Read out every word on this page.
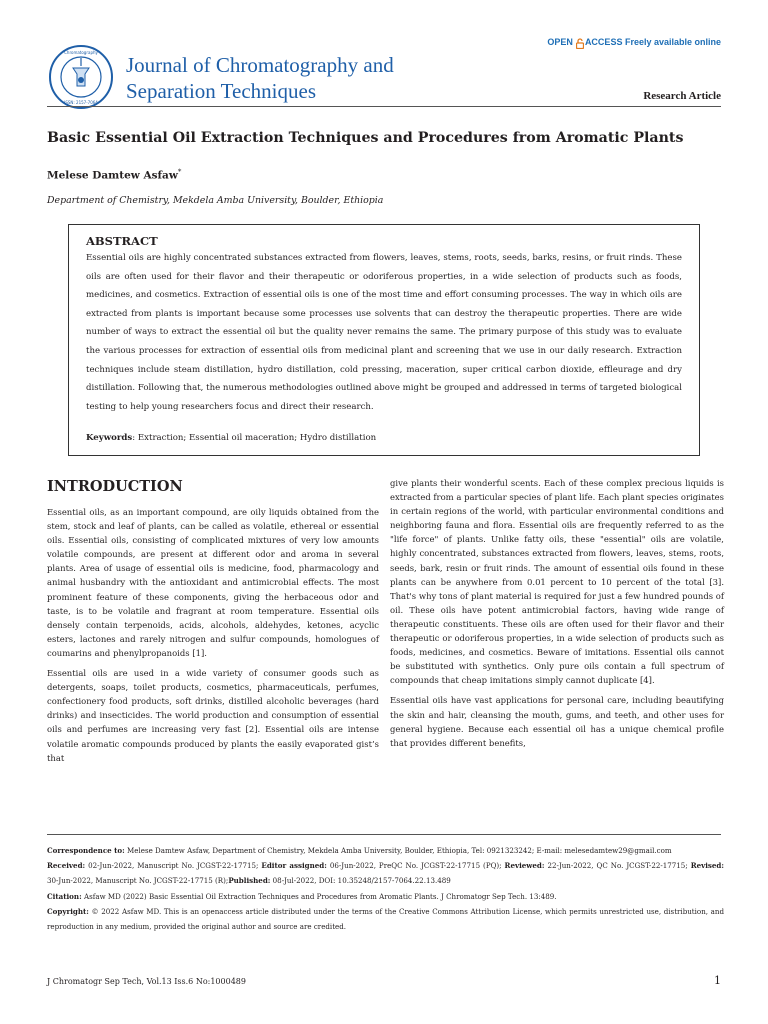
Chromatography
ISSN: 2157-7064
Journal of Chromatography and
Separation Techniques
OPEN ACCESS Freely available online
Research Article
Basic Essential Oil Extraction Techniques and Procedures from Aromatic Plants
Melese Damtew Asfaw*
Department of Chemistry, Mekdela Amba University, Boulder, Ethiopia
ABSTRACT
Essential oils are highly concentrated substances extracted from flowers, leaves, stems, roots, seeds, barks, resins, or fruit rinds. These oils are often used for their flavor and their therapeutic or odoriferous properties, in a wide selection of products such as foods, medicines, and cosmetics. Extraction of essential oils is one of the most time and effort consuming processes. The way in which oils are extracted from plants is important because some processes use solvents that can destroy the therapeutic properties. There are wide number of ways to extract the essential oil but the quality never remains the same. The primary purpose of this study was to evaluate the various processes for extraction of essential oils from medicinal plant and screening that we use in our daily research. Extraction techniques include steam distillation, hydro distillation, cold pressing, maceration, super critical carbon dioxide, effleurage and dry distillation. Following that, the numerous methodologies outlined above might be grouped and addressed in terms of targeted biological testing to help young researchers focus and direct their research.
Keywords: Extraction; Essential oil maceration; Hydro distillation
INTRODUCTION

Essential oils, as an important compound, are oily liquids obtained from the stem, stock and leaf of plants, can be called as volatile, ethereal or essential oils. Essential oils, consisting of complicated mixtures of very low amounts volatile compounds, are present at different odor and aroma in several plants. Area of usage of essential oils is medicine, food, pharmacology and animal husbandry with the antioxidant and antimicrobial effects. The most prominent feature of these components, giving the herbaceous odor and taste, is to be volatile and fragrant at room temperature. Essential oils densely contain terpenoids, acids, alcohols, aldehydes, ketones, acyclic esters, lactones and rarely nitrogen and sulfur compounds, homologues of coumarins and phenylpropanoids [1].

Essential oils are used in a wide variety of consumer goods such as detergents, soaps, toilet products, cosmetics, pharmaceuticals, perfumes, confectionery food products, soft drinks, distilled alcoholic beverages (hard drinks) and insecticides. The world production and consumption of essential oils and perfumes are increasing very fast [2]. Essential oils are intense volatile aromatic compounds produced by plants the easily evaporated gist’s that

give plants their wonderful scents. Each of these complex precious liquids is extracted from a particular species of plant life. Each plant species originates in certain regions of the world, with particular environmental conditions and neighboring fauna and flora. Essential oils are frequently referred to as the "life force" of plants. Unlike fatty oils, these "essential" oils are volatile, highly concentrated, substances extracted from flowers, leaves, stems, roots, seeds, bark, resin or fruit rinds. The amount of essential oils found in these plants can be anywhere from 0.01 percent to 10 percent of the total [3]. That's why tons of plant material is required for just a few hundred pounds of oil. These oils have potent antimicrobial factors, having wide range of therapeutic constituents. These oils are often used for their flavor and their therapeutic or odoriferous properties, in a wide selection of products such as foods, medicines, and cosmetics. Beware of imitations. Essential oils cannot be substituted with synthetics. Only pure oils contain a full spectrum of compounds that cheap imitations simply cannot duplicate [4].

Essential oils have vast applications for personal care, including beautifying the skin and hair, cleansing the mouth, gums, and teeth, and other uses for general hygiene. Because each essential oil has a unique chemical profile that provides different benefits,

Correspondence to: Melese Damtew Asfaw, Department of Chemistry, Mekdela Amba University, Boulder, Ethiopia, Tel: 0921323242; E-mail: melesedamtew29@gmail.com

Received: 02-Jun-2022, Manuscript No. JCGST-22-17715; Editor assigned: 06-Jun-2022, PreQC No. JCGST-22-17715 (PQ); Reviewed: 22-Jun-2022, QC No. JCGST-22-17715; Revised: 30-Jun-2022, Manuscript No. JCGST-22-17715 (R);Published: 08-Jul-2022, DOI: 10.35248/2157-7064.22.13.489

Citation: Asfaw MD (2022) Basic Essential Oil Extraction Techniques and Procedures from Aromatic Plants. J Chromatogr Sep Tech. 13:489.

Copyright: © 2022 Asfaw MD. This is an openaccess article distributed under the terms of the Creative Commons Attribution License, which permits unrestricted use, distribution, and reproduction in any medium, provided the original author and source are credited.

J Chromatogr Sep Tech, Vol.13 Iss.6 No:1000489	1
